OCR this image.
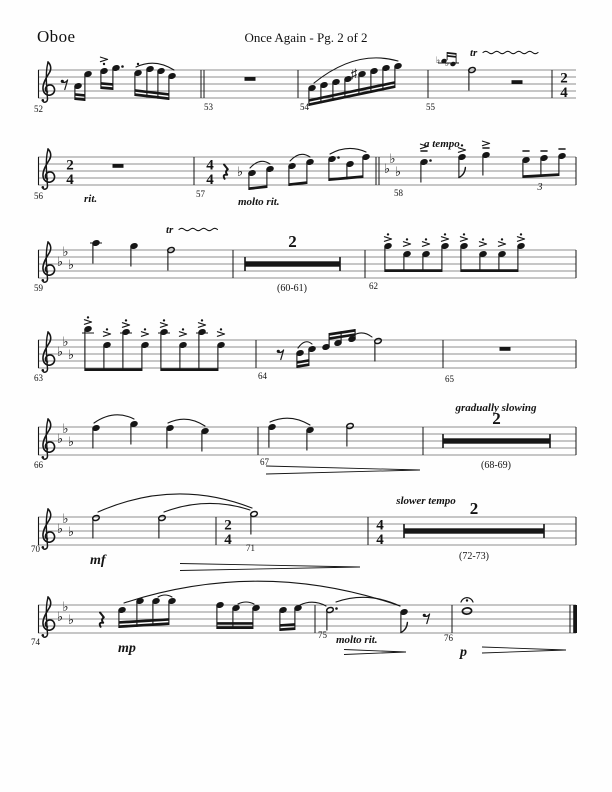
Oboe	Once Again - Pg. 2 of 2
2
4
♯
♭ ♭
tr
52	53	54	55
♭
♭
♭
2
4
4
4
♭
56	57	58
rit.	molto rit.
a tempo
3
♭
♭
♭
2
tr
59	(60-61)	62
♭
♭
♭
63	64	65
♭
♭
♭
2
66	67	(68-69)
gradually slowing
♭
♭
♭	2
4
4
4
2
70	71
(72-73)
slower tempo
mf
♭
♭
♭
74
75	76
mp
molto rit.
p
